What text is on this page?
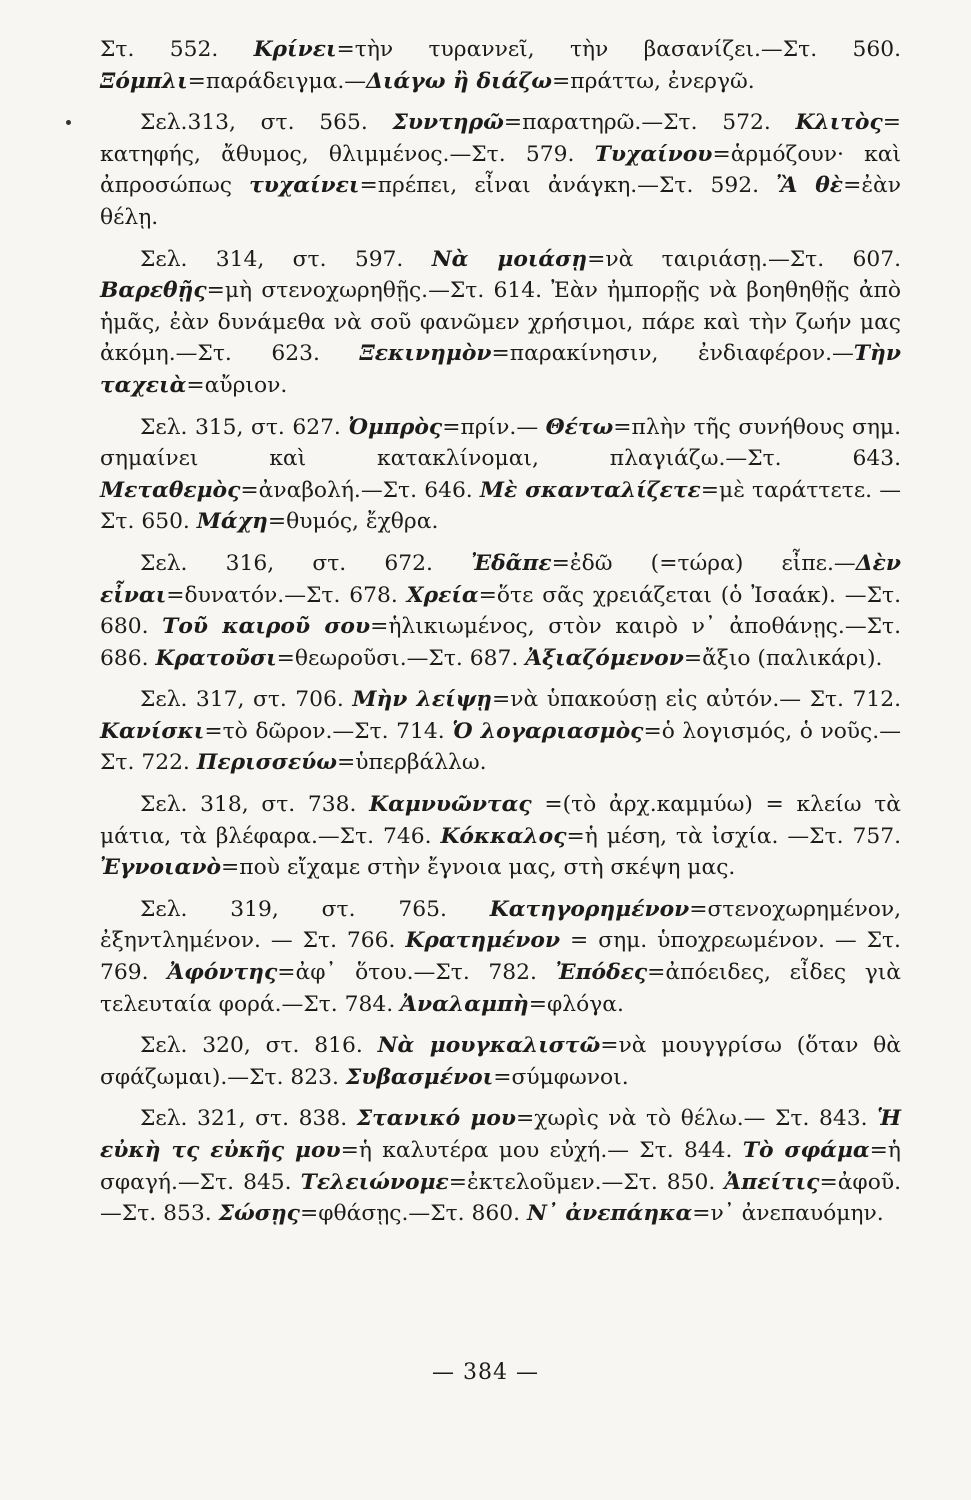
Στ. 552. Κρίνει=τὴν τυραννεῖ, τὴν βασανίζει.—Στ. 560. Ξόμπλι=παράδειγμα.—Διάγω ἢ διάζω=πράττω, ἐνεργῶ.

Σελ.313, στ. 565. Συντηρῶ=παρατηρῶ.—Στ. 572. Κλιτὸς= κατηφής, ἄθυμος, θλιμμένος.—Στ. 579. Τυχαίνου=ἁρμόζουν· καὶ ἀπροσώπως τυχαίνει=πρέπει, εἶναι ἀνάγκη.—Στ. 592. Ἂ θὲ=ἐὰν θέλῃ.

Σελ. 314, στ. 597. Νὰ μοιάσῃ=νὰ ταιριάσῃ.—Στ. 607. Βαρεθῇς=μὴ στενοχωρηθῇς.—Στ. 614. Ἐὰν ἠμπορῇς νὰ βοηθηθῇς ἀπὸ ἡμᾶς, ἐὰν δυνάμεθα νὰ σοῦ φανῶμεν χρήσιμοι, πάρε καὶ τὴν ζωήν μας ἀκόμη.—Στ. 623. Ξεκινημὸν=παρακίνησιν, ἐνδιαφέρον.—Τὴν ταχειὰ=αὔριον.

Σελ. 315, στ. 627. Ὀμπρὸς=πρίν.— Θέτω=πλὴν τῆς συνήθους σημ. σημαίνει καὶ κατακλίνομαι, πλαγιάζω.—Στ. 643. Μεταθεμὸς=ἀναβολή.—Στ. 646. Μὲ σκανταλίζετε=μὲ ταράττετε. — Στ. 650. Μάχη=θυμός, ἔχθρα.

Σελ. 316, στ. 672. Ἐδᾶπε=ἐδῶ (=τώρα) εἶπε.—Δὲν εἶναι=δυνατόν.—Στ. 678. Χρεία=ὅτε σᾶς χρειάζεται (ὁ Ἰσαάκ). —Στ. 680. Τοῦ καιροῦ σου=ἡλικιωμένος, στὸν καιρὸ ν᾽ ἀποθάνῃς.—Στ. 686. Κρατοῦσι=θεωροῦσι.—Στ. 687. Ἀξιαζόμενον=ἄξιο (παλικάρι).

Σελ. 317, στ. 706. Μὴν λείψῃ=νὰ ὑπακούσῃ εἰς αὐτόν.— Στ. 712. Κανίσκι=τὸ δῶρον.—Στ. 714. Ὁ λογαριασμὸς=ὁ λογισμός, ὁ νοῦς.—Στ. 722. Περισσεύω=ὑπερβάλλω.

Σελ. 318, στ. 738. Καμνυῶντας =(τὸ ἀρχ.καμμύω) = κλείω τὰ μάτια, τὰ βλέφαρα.—Στ. 746. Κόκκαλος=ἡ μέση, τὰ ἰσχία. —Στ. 757. Ἐγνοιανὸ=ποὺ εἴχαμε στὴν ἔγνοια μας, στὴ σκέψη μας.

Σελ. 319, στ. 765. Κατηγορημένον=στενοχωρημένον, ἐξηντλημένον. — Στ. 766. Κρατημένον = σημ. ὑποχρεωμένον. — Στ. 769. Ἀφόντης=ἀφ᾽ ὅτου.—Στ. 782. Ἐπόδες=ἀπόειδες, εἶδες γιὰ τελευταία φορά.—Στ. 784. Ἀναλαμπὴ=φλόγα.

Σελ. 320, στ. 816. Νὰ μουγκαλιστῶ=νὰ μουγγρίσω (ὅταν θὰ σφάζωμαι).—Στ. 823. Συβασμένοι=σύμφωνοι.

Σελ. 321, στ. 838. Στανικό μου=χωρὶς νὰ τὸ θέλω.— Στ. 843. Ἡ εὐκὴ τς εὐκῆς μου=ἡ καλυτέρα μου εὐχή.— Στ. 844. Τὸ σφάμα=ἡ σφαγή.—Στ. 845. Τελειώνομε=ἐκτελοῦμεν.—Στ. 850. Ἀπείτις=ἀφοῦ.—Στ. 853. Σώσῃς=φθάσῃς.—Στ. 860. Ν᾽ ἀνεπάηκα=ν᾽ ἀνεπαυόμην.

— 384 —
